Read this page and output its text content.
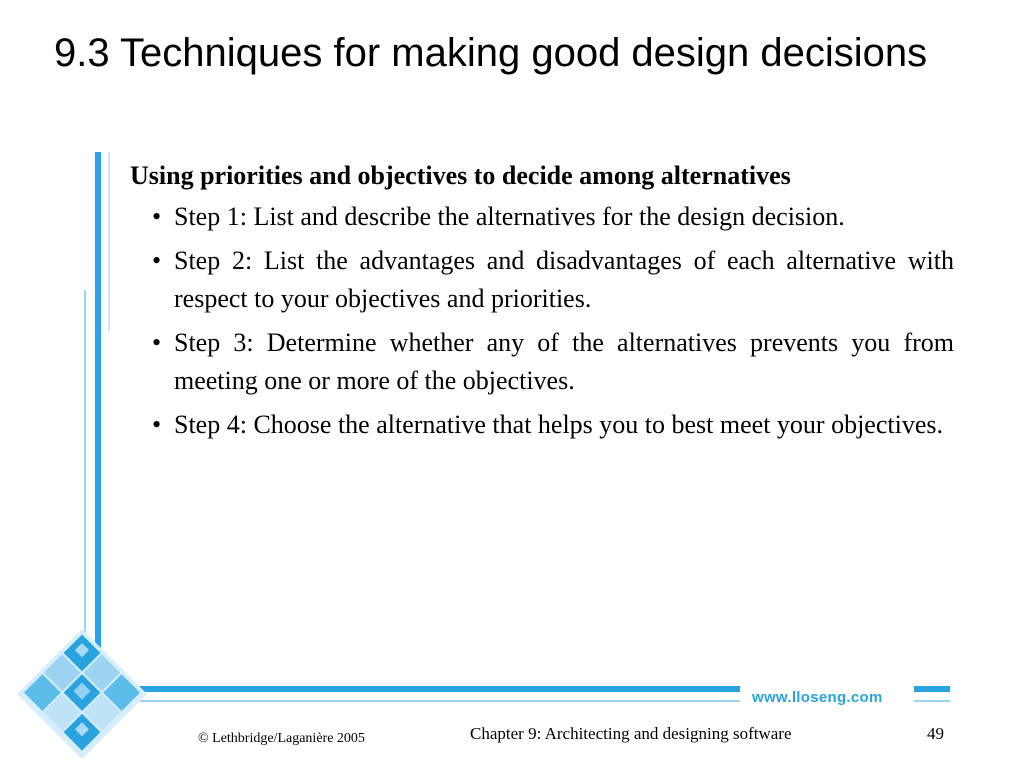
9.3 Techniques for making good design decisions
www.lloseng.com
Using priorities and objectives to decide among alternatives
• Step 1: List and describe the alternatives for the design decision.
• Step 2: List the advantages and disadvantages of each alternative with respect to your objectives and priorities.
• Step 3: Determine whether any of the alternatives prevents you from meeting one or more of the objectives.
• Step 4: Choose the alternative that helps you to best meet your objectives.
© Lethbridge/Laganière 2005	Chapter 9: Architecting and designing software	49
